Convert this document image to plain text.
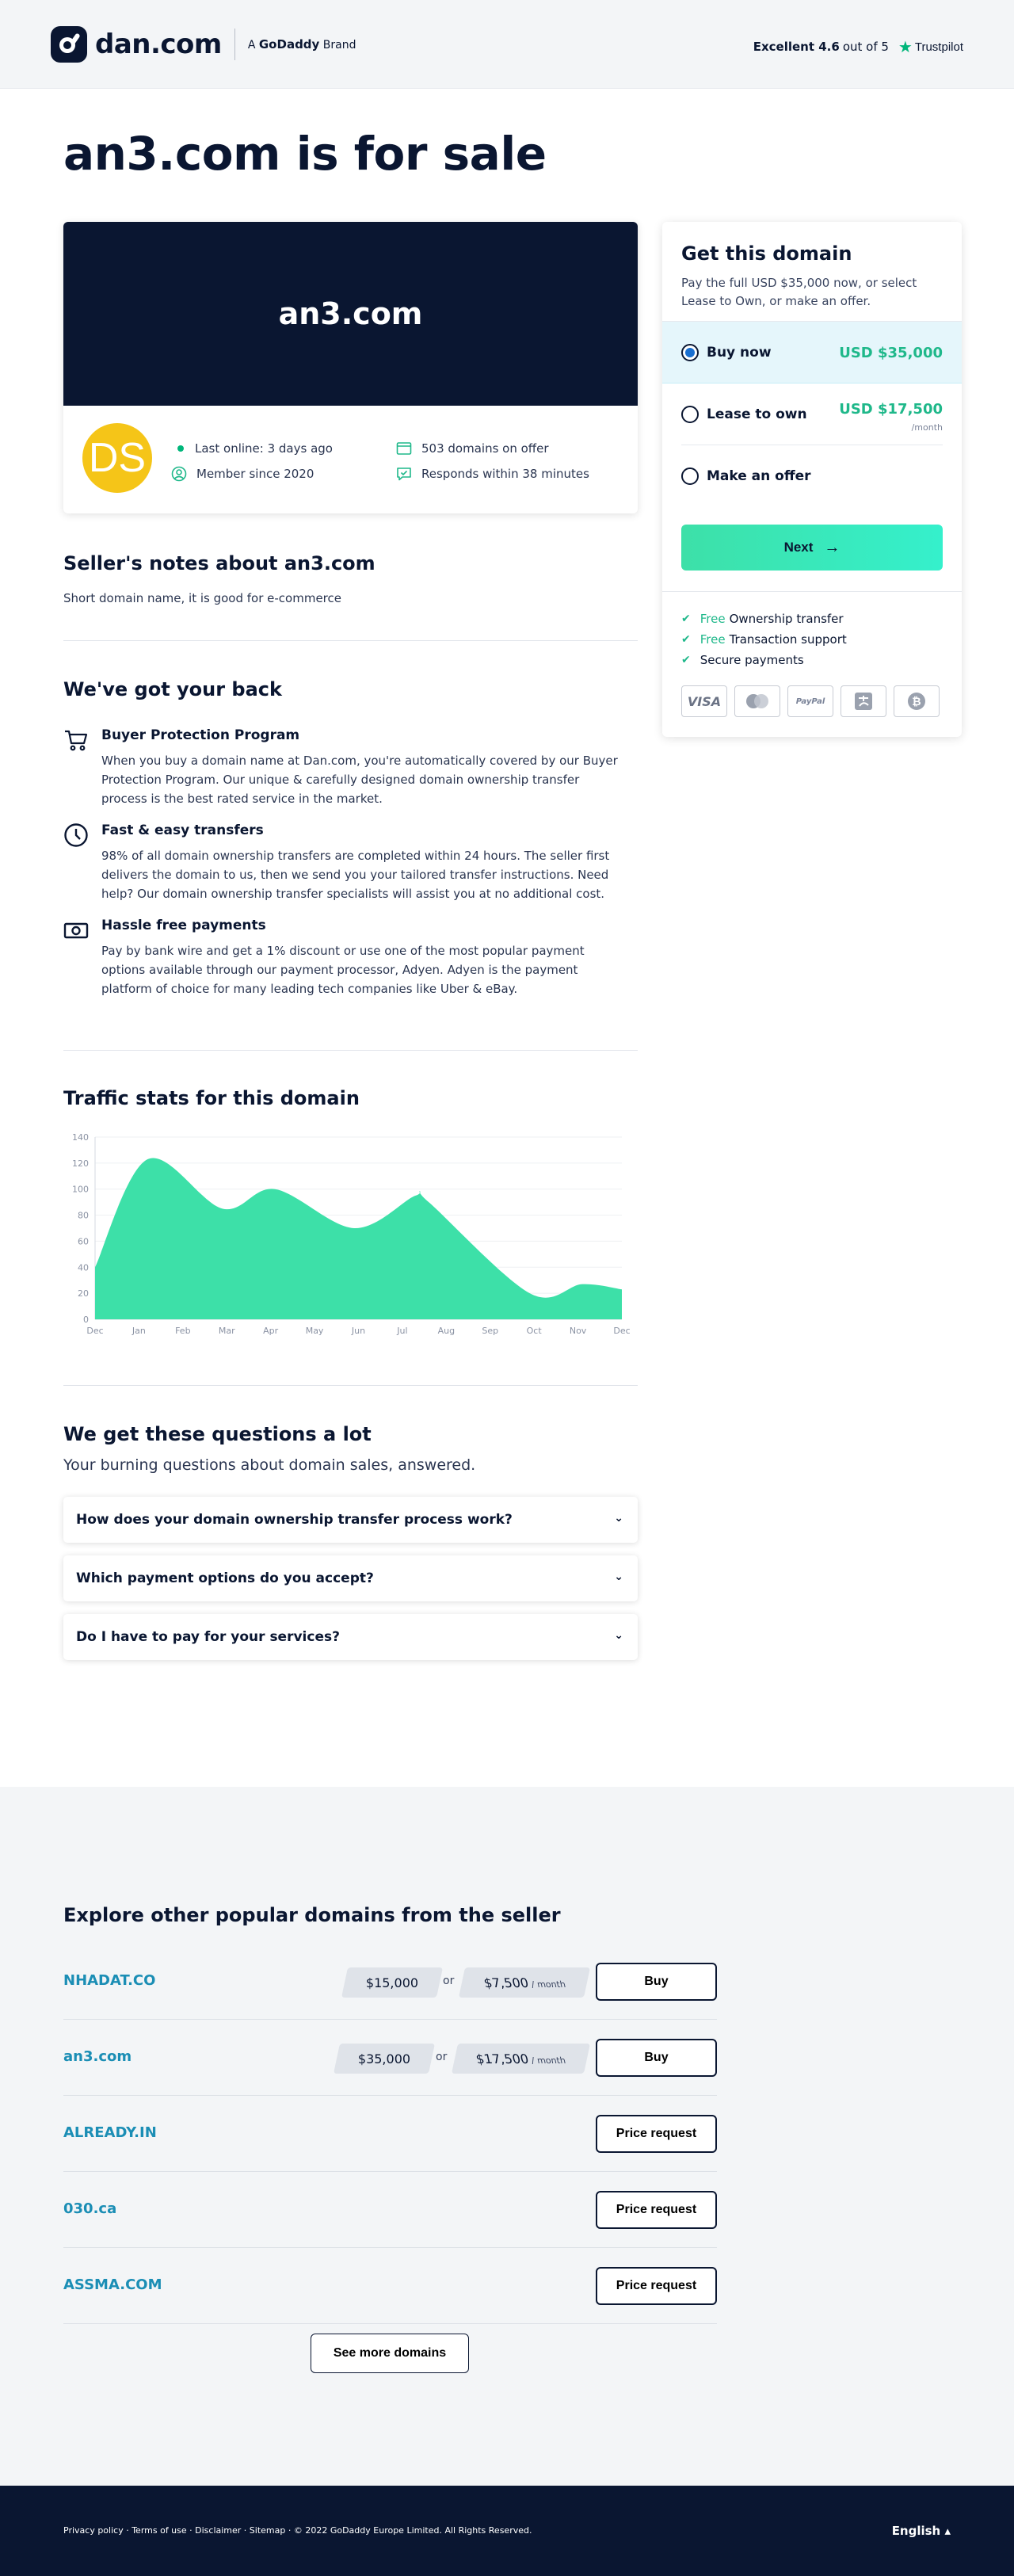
dan.com A GoDaddy Brand	Excellent 4.6 out of 5 ★ Trustpilot
an3.com is for sale
an3.com
DS	Last online: 3 days ago
Member since 2020
503 domains on offer
Responds within 38 minutes
Get this domain
Pay the full USD $35,000 now, or select Lease to Own, or make an offer.
Buy now	USD $35,000
Lease to own USD $17,500
/month
Make an offer
Next →
✔ Free Ownership transfer
✔ Free Transaction support
✔ Secure payments
VISA	PayPal	₿
Seller's notes about an3.com
Short domain name, it is good for e-commerce
We've got your back
Buyer Protection Program
When you buy a domain name at Dan.com, you're automatically covered by our Buyer Protection Program. Our unique & carefully designed domain ownership transfer process is the best rated service in the market.
Fast & easy transfers
98% of all domain ownership transfers are completed within 24 hours. The seller first delivers the domain to us, then we send you your tailored transfer instructions. Need help? Our domain ownership transfer specialists will assist you at no additional cost.
Hassle free payments
Pay by bank wire and get a 1% discount or use one of the most popular payment options available through our payment processor, Adyen. Adyen is the payment platform of choice for many leading tech companies like Uber & eBay.
Traffic stats for this domain
0
20
40
60
80
100
120
140
Dec	Jan	Feb	Mar	Apr	May	Jun	Jul	Aug	Sep	Oct	Nov	Dec
We get these questions a lot
Your burning questions about domain sales, answered.
How does your domain ownership transfer process work?	⌄
Which payment options do you accept?	⌄
Do I have to pay for your services?	⌄
Explore other popular domains from the seller
NHADAT.CO	$15,000 or $7,500/ month	Buy
an3.com	$35,000 or $17,500/ month	Buy
ALREADY.IN	Price request
030.ca	Price request
ASSMA.COM	Price request
See more domains
Privacy policy · Terms of use · Disclaimer · Sitemap · © 2022 GoDaddy Europe Limited. All Rights Reserved.	English ▴
